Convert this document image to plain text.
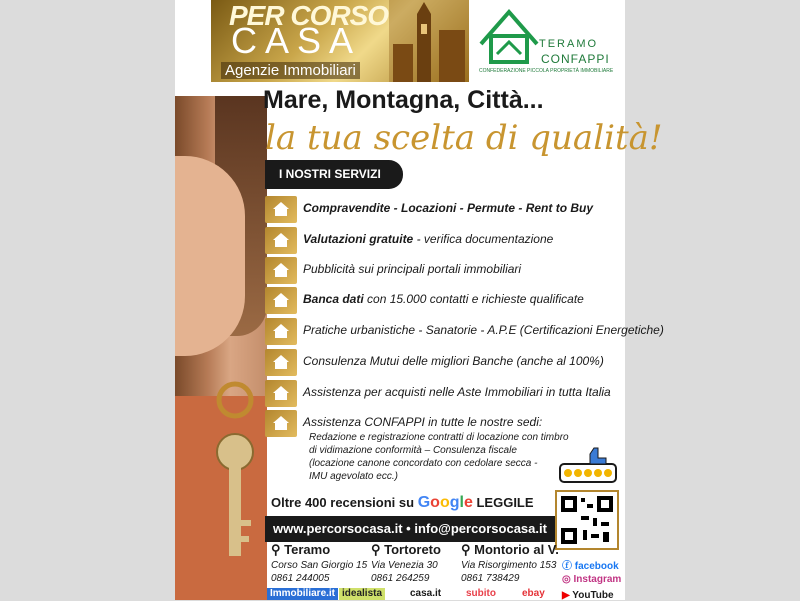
PER CORSO
CASA
Agenzie Immobiliari
TERAMO
CONFAPPI
CONFEDERAZIONE PICCOLA PROPRIETÀ IMMOBILIARE
Mare, Montagna, Città...
la tua scelta di qualità!
I NOSTRI SERVIZI
Compravendite - Locazioni - Permute - Rent to Buy
Valutazioni gratuite - verifica documentazione
Pubblicità sui principali portali immobiliari
Banca dati con 15.000 contatti e richieste qualificate
Pratiche urbanistiche - Sanatorie - A.P.E (Certificazioni Energetiche)
Consulenza Mutui delle migliori Banche (anche al 100%)
Assistenza per acquisti nelle Aste Immobiliari in tutta Italia
Assistenza CONFAPPI in tutte le nostre sedi:
Redazione e registrazione contratti di locazione con timbro
di vidimazione conformità – Consulenza fiscale
(locazione canone concordato con cedolare secca -
IMU agevolato ecc.)
Oltre 400 recensioni su Google LEGGILE
www.percorsocasa.it • info@percorsocasa.it
⚲ Teramo
Corso San Giorgio 15
0861 244005
⚲ Tortoreto
Via Venezia 30
0861 264259
⚲ Montorio al V.
Via Risorgimento 153
0861 738429
ⓕ facebook
◎ Instagram
▶ YouTube
Immobiliare.it idealista	casa.it	subito	ebay
